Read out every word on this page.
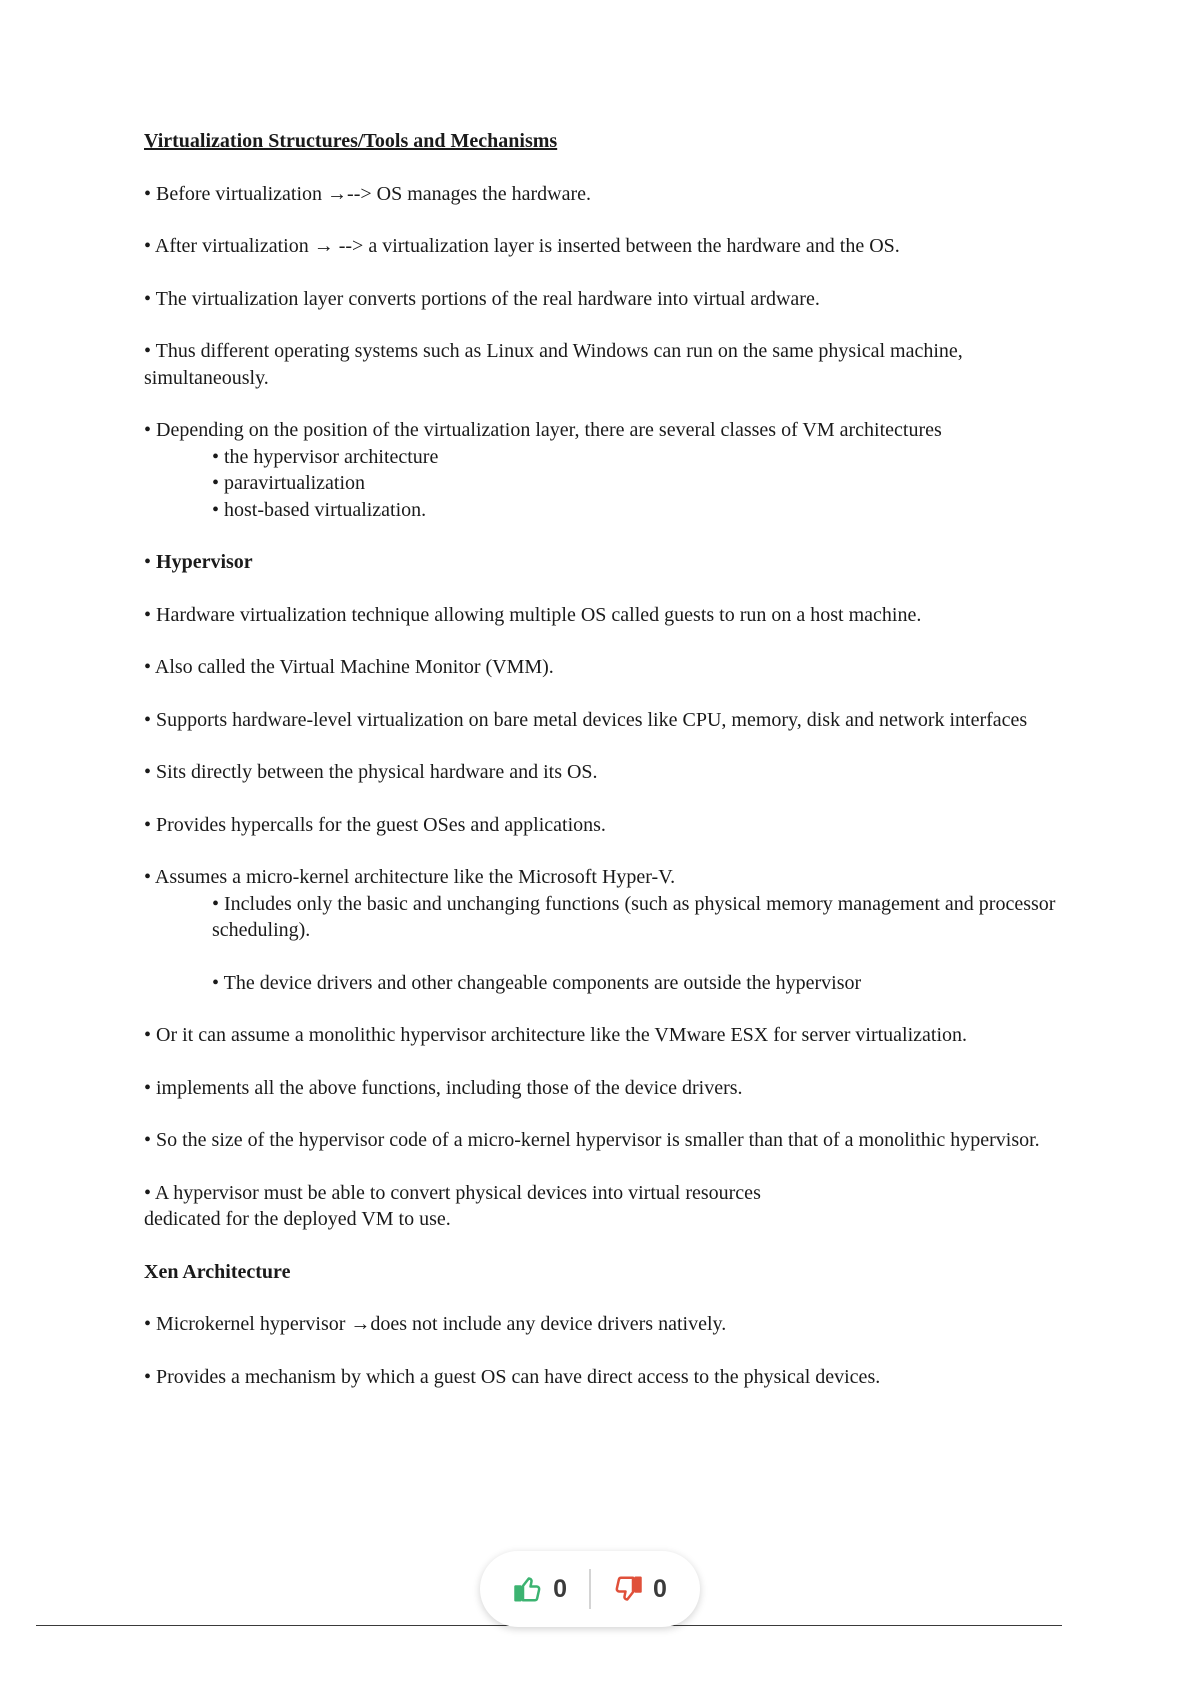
Virtualization Structures/Tools and Mechanisms

• Before virtualization →--> OS manages the hardware.

• After virtualization → --> a virtualization layer is inserted between the hardware and the OS.

• The virtualization layer converts portions of the real hardware into virtual ardware.

• Thus different operating systems such as Linux and Windows can run on the same physical machine, simultaneously.

• Depending on the position of the virtualization layer, there are several classes of VM architectures

• the hypervisor architecture

• paravirtualization

• host-based virtualization.

• Hypervisor

• Hardware virtualization technique allowing multiple OS called guests to run on a host machine.

• Also called the Virtual Machine Monitor (VMM).

• Supports hardware-level virtualization on bare metal devices like CPU, memory, disk and network interfaces

• Sits directly between the physical hardware and its OS.

• Provides hypercalls for the guest OSes and applications.

• Assumes a micro-kernel architecture like the Microsoft Hyper-V.

• Includes only the basic and unchanging functions (such as physical memory management and processor scheduling).

• The device drivers and other changeable components are outside the hypervisor

• Or it can assume a monolithic hypervisor architecture like the VMware ESX for server virtualization.

• implements all the above functions, including those of the device drivers.

• So the size of the hypervisor code of a micro-kernel hypervisor is smaller than that of a monolithic hypervisor.

• A hypervisor must be able to convert physical devices into virtual resources
dedicated for the deployed VM to use.

Xen Architecture

• Microkernel hypervisor →does not include any device drivers natively.

• Provides a mechanism by which a guest OS can have direct access to the physical devices.

0	0
